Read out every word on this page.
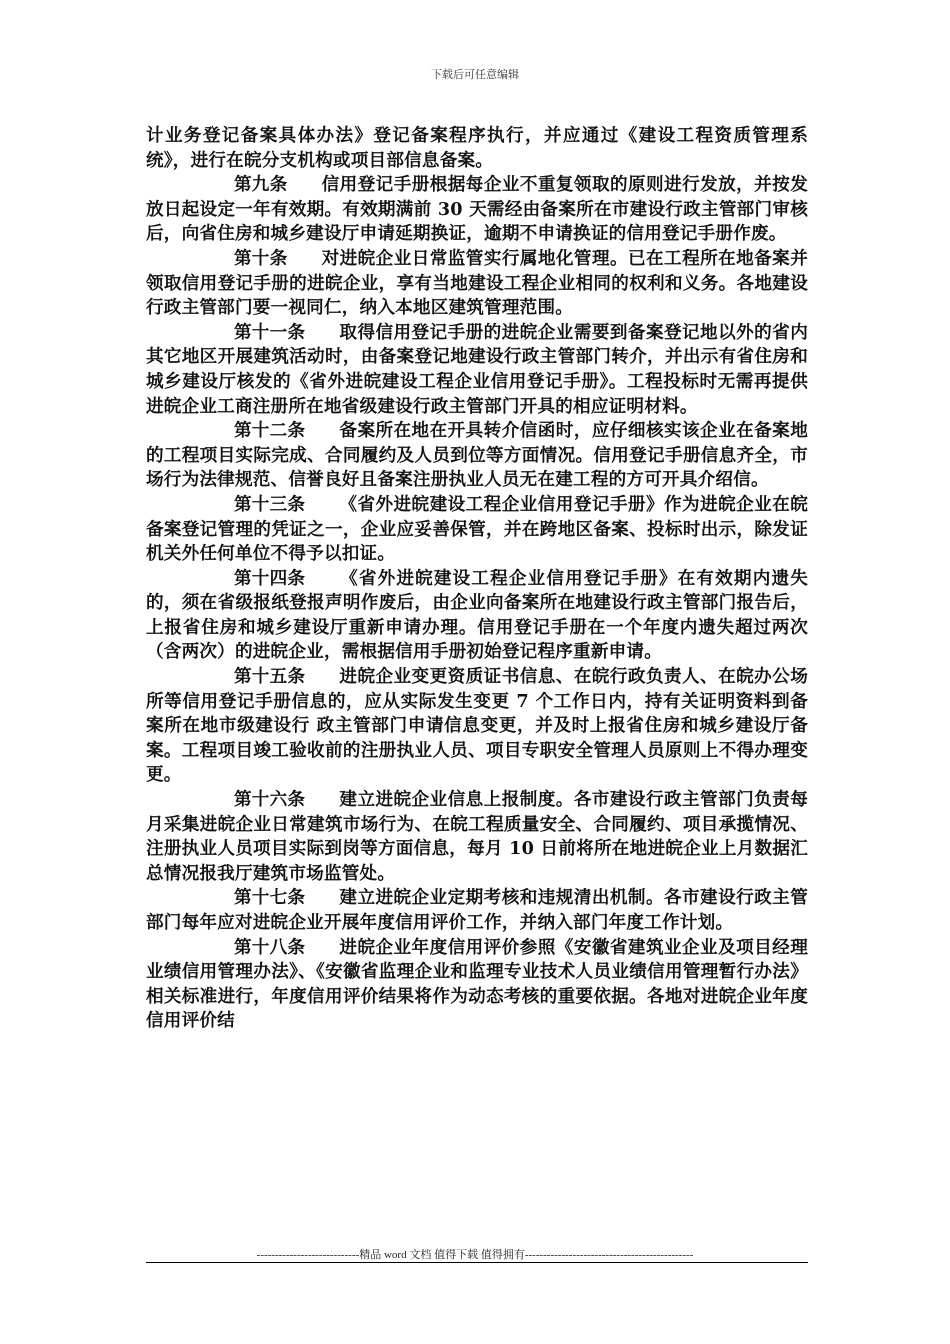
下载后可任意编辑

计业务登记备案具体办法》登记备案程序执行，并应通过《建设工程资质管理系统》，进行在皖分支机构或项目部信息备案。

第九条 信用登记手册根据每企业不重复领取的原则进行发放，并按发放日起设定一年有效期。有效期满前 30 天需经由备案所在市建设行政主管部门审核后，向省住房和城乡建设厅申请延期换证，逾期不申请换证的信用登记手册作废。

第十条 对进皖企业日常监管实行属地化管理。已在工程所在地备案并领取信用登记手册的进皖企业，享有当地建设工程企业相同的权利和义务。各地建设行政主管部门要一视同仁，纳入本地区建筑管理范围。

第十一条 取得信用登记手册的进皖企业需要到备案登记地以外的省内其它地区开展建筑活动时，由备案登记地建设行政主管部门转介，并出示有省住房和城乡建设厅核发的《省外进皖建设工程企业信用登记手册》。工程投标时无需再提供进皖企业工商注册所在地省级建设行政主管部门开具的相应证明材料。

第十二条 备案所在地在开具转介信函时，应仔细核实该企业在备案地的工程项目实际完成、合同履约及人员到位等方面情况。信用登记手册信息齐全，市场行为法律规范、信誉良好且备案注册执业人员无在建工程的方可开具介绍信。

第十三条 《省外进皖建设工程企业信用登记手册》作为进皖企业在皖备案登记管理的凭证之一，企业应妥善保管，并在跨地区备案、投标时出示，除发证机关外任何单位不得予以扣证。

第十四条 《省外进皖建设工程企业信用登记手册》在有效期内遗失的，须在省级报纸登报声明作废后，由企业向备案所在地建设行政主管部门报告后，上报省住房和城乡建设厅重新申请办理。信用登记手册在一个年度内遗失超过两次（含两次）的进皖企业，需根据信用手册初始登记程序重新申请。

第十五条 进皖企业变更资质证书信息、在皖行政负责人、在皖办公场所等信用登记手册信息的，应从实际发生变更 7 个工作日内，持有关证明资料到备案所在地市级建设行 政主管部门申请信息变更，并及时上报省住房和城乡建设厅备案。工程项目竣工验收前的注册执业人员、项目专职安全管理人员原则上不得办理变更。

第十六条 建立进皖企业信息上报制度。各市建设行政主管部门负责每月采集进皖企业日常建筑市场行为、在皖工程质量安全、合同履约、项目承揽情况、注册执业人员项目实际到岗等方面信息，每月 10 日前将所在地进皖企业上月数据汇总情况报我厅建筑市场监管处。

第十七条 建立进皖企业定期考核和违规清出机制。各市建设行政主管部门每年应对进皖企业开展年度信用评价工作，并纳入部门年度工作计划。

第十八条 进皖企业年度信用评价参照《安徽省建筑业企业及项目经理业绩信用管理办法》、《安徽省监理企业和监理专业技术人员业绩信用管理暂行办法》相关标准进行，年度信用评价结果将作为动态考核的重要依据。各地对进皖企业年度信用评价结

----------------------------精品 word 文档 值得下载 值得拥有----------------------------------------------
